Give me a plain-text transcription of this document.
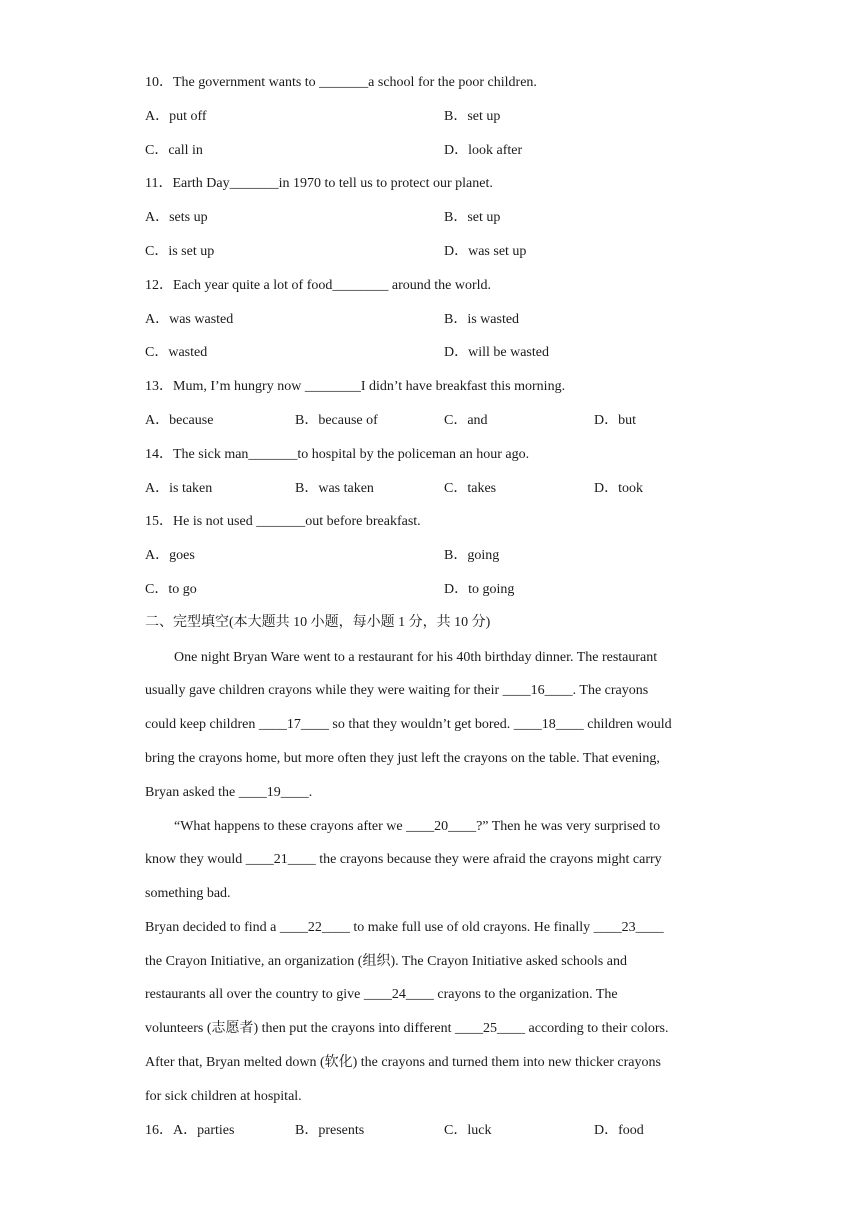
10．The government wants to _______a school for the poor children.
A．put off	B．set up
C．call in	D．look after
11．Earth Day_______in 1970 to tell us to protect our planet.
A．sets up	B．set up
C．is set up	D．was set up
12．Each year quite a lot of food________ around the world.
A．was wasted	B．is wasted
C．wasted	D．will be wasted
13．Mum, I’m hungry now ________I didn’t have breakfast this morning.
A．because	B．because of	C．and	D．but
14．The sick man_______to hospital by the policeman an hour ago.
A．is taken	B．was taken	C．takes	D．took
15．He is not used _______out before breakfast.
A．goes	B．going
C．to go	D．to going
二、完型填空(本大题共 10 小题，每小题 1 分，共 10 分)
One night Bryan Ware went to a restaurant for his 40th birthday dinner. The restaurant
usually gave children crayons while they were waiting for their ____16____. The crayons
could keep children ____17____ so that they wouldn’t get bored. ____18____ children would
bring the crayons home, but more often they just left the crayons on the table. That evening,
Bryan asked the ____19____.
“What happens to these crayons after we ____20____?” Then he was very surprised to
know they would ____21____ the crayons because they were afraid the crayons might carry
something bad.
Bryan decided to find a ____22____ to make full use of old crayons. He finally ____23____
the Crayon Initiative, an organization (组织). The Crayon Initiative asked schools and
restaurants all over the country to give ____24____ crayons to the organization. The
volunteers (志愿者) then put the crayons into different ____25____ according to their colors.
After that, Bryan melted down (软化) the crayons and turned them into new thicker crayons
for sick children at hospital.
16．A．parties	B．presents	C．luck	D．food
